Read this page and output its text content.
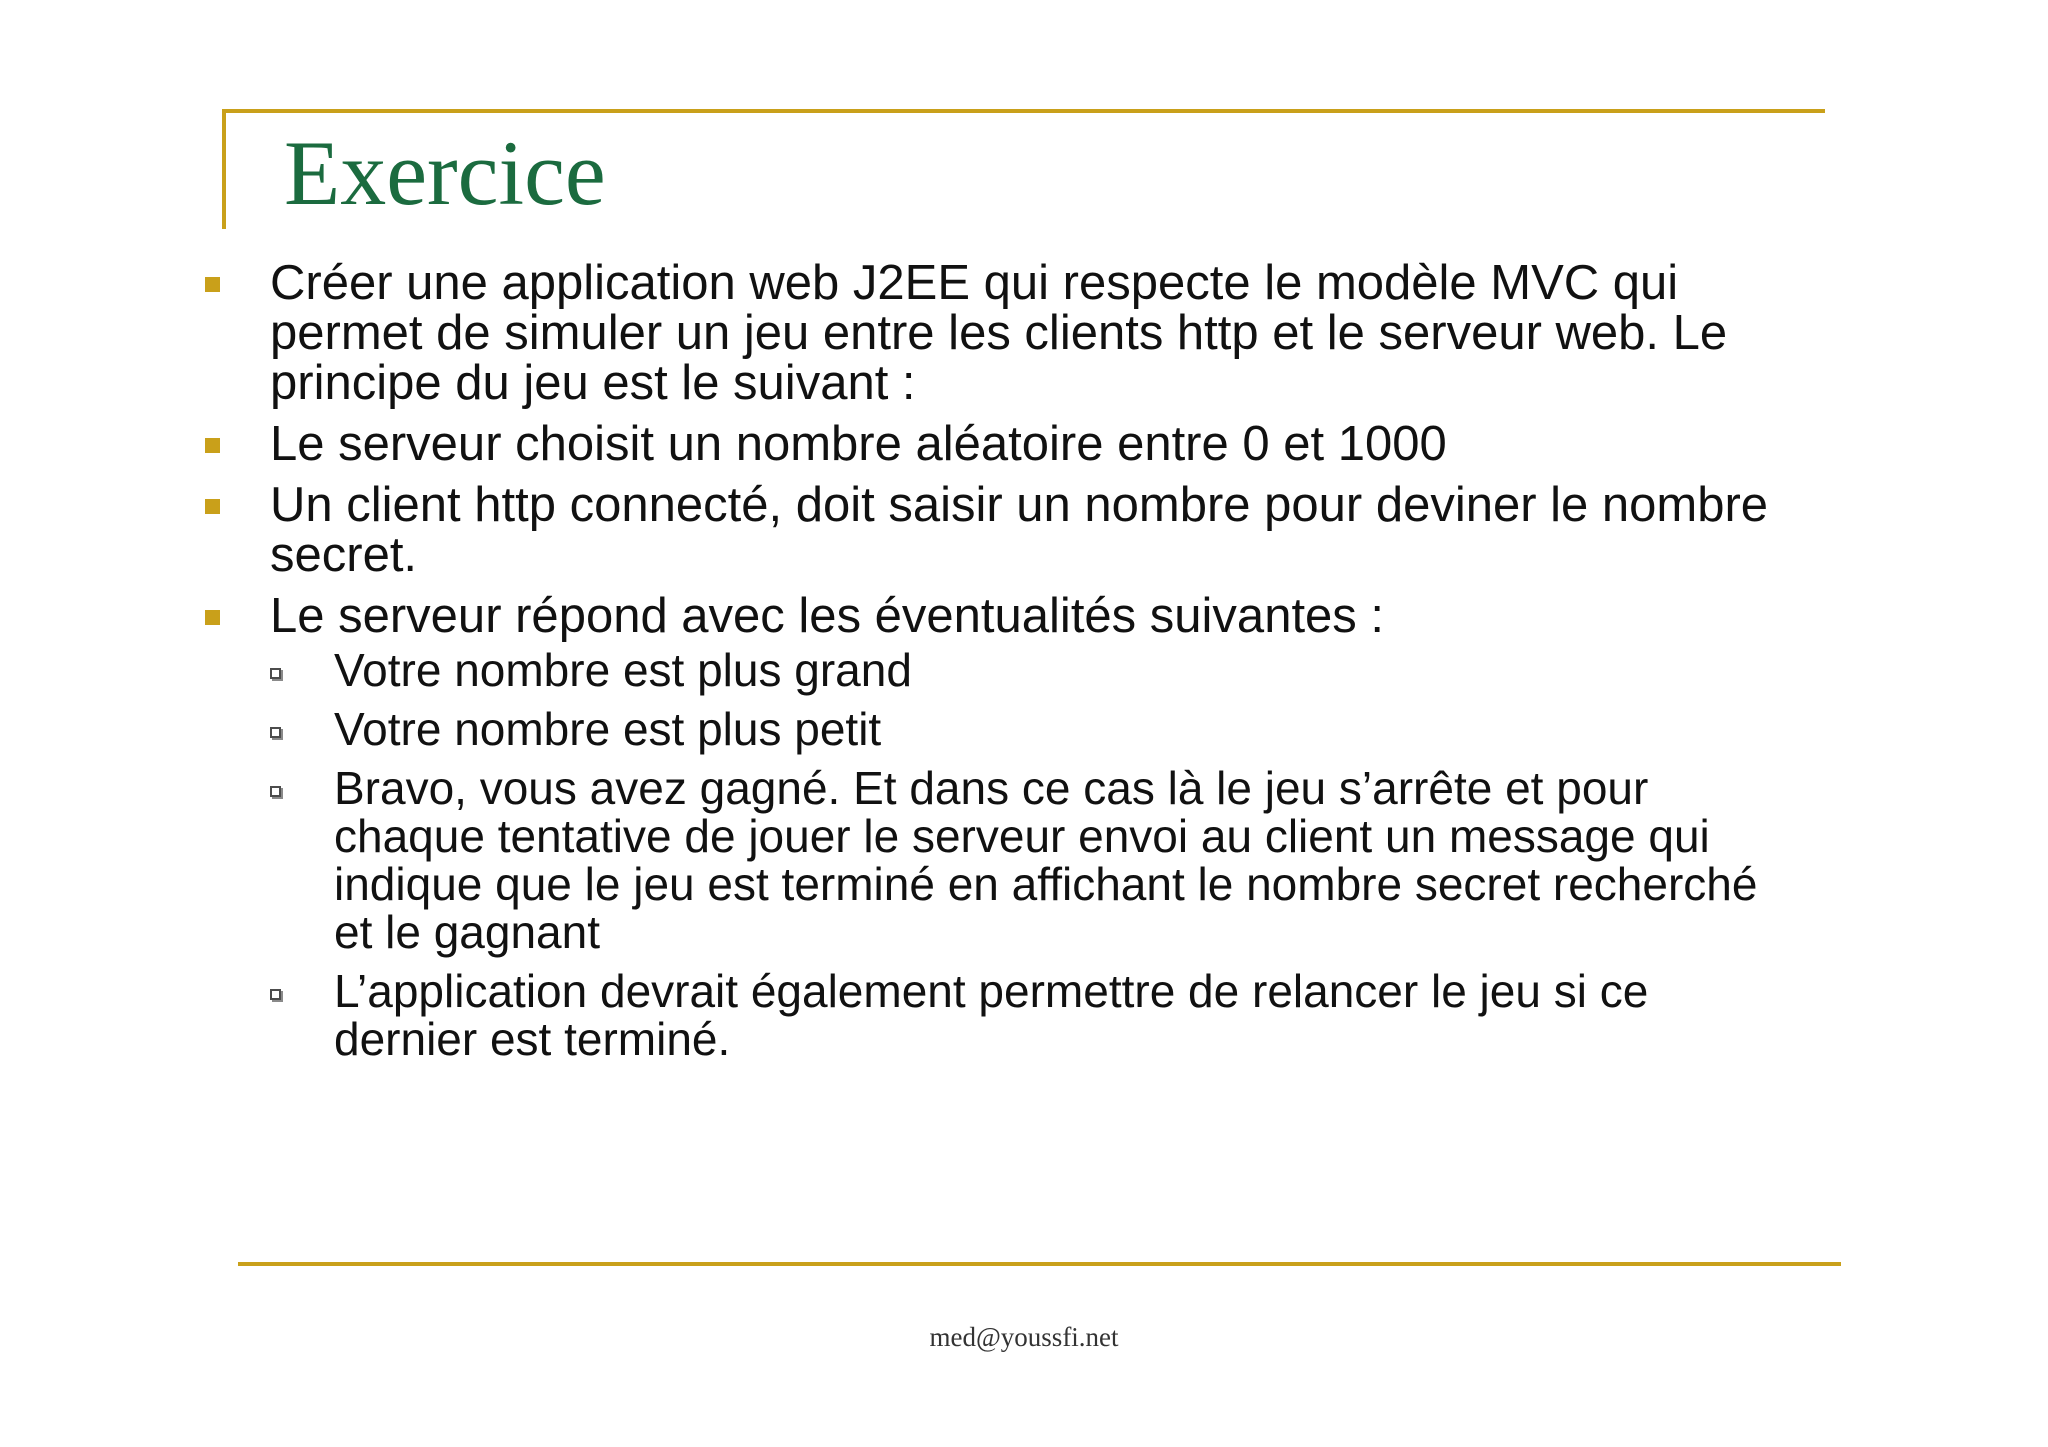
Exercice
Créer une application web J2EE qui respecte le modèle MVC qui permet de simuler un jeu entre les clients http et le serveur web. Le principe du jeu est le suivant :
Le serveur choisit un nombre aléatoire entre 0 et 1000
Un client http connecté, doit saisir un nombre pour deviner le nombre secret.
Le serveur répond avec les éventualités suivantes :
Votre nombre est plus grand
Votre nombre est plus petit
Bravo, vous avez gagné. Et dans ce cas là le jeu s’arrête et pour chaque tentative de jouer le serveur envoi au client un message qui indique que le jeu est terminé en affichant le nombre secret recherché et le gagnant
L’application devrait également permettre de relancer le jeu si ce dernier est terminé.
med@youssfi.net
